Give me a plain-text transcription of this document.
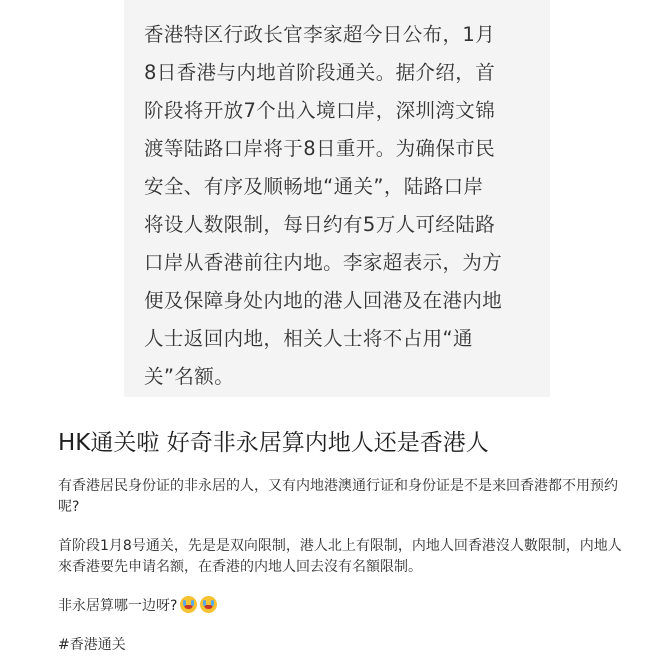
香港特区行政长官李家超今日公布，1月
8日香港与内地首阶段通关。据介绍，首
阶段将开放7个出入境口岸，深圳湾文锦
渡等陆路口岸将于8日重开。为确保市民
安全、有序及顺畅地“通关”，陆路口岸
将设人数限制，每日约有5万人可经陆路
口岸从香港前往内地。李家超表示，为方
便及保障身处内地的港人回港及在港内地
人士返回内地，相关人士将不占用“通
关”名额。
HK通关啦 好奇非永居算内地人还是香港人

有香港居民身份证的非永居的人，又有内地港澳通行证和身份证是不是来回香港都不用预约呢?

首阶段1月8号通关，先是是双向限制，港人北上有限制，内地人回香港沒人數限制，内地人來香港要先申请名额，在香港的内地人回去沒有名額限制。

非永居算哪一边呀?

#香港通关
